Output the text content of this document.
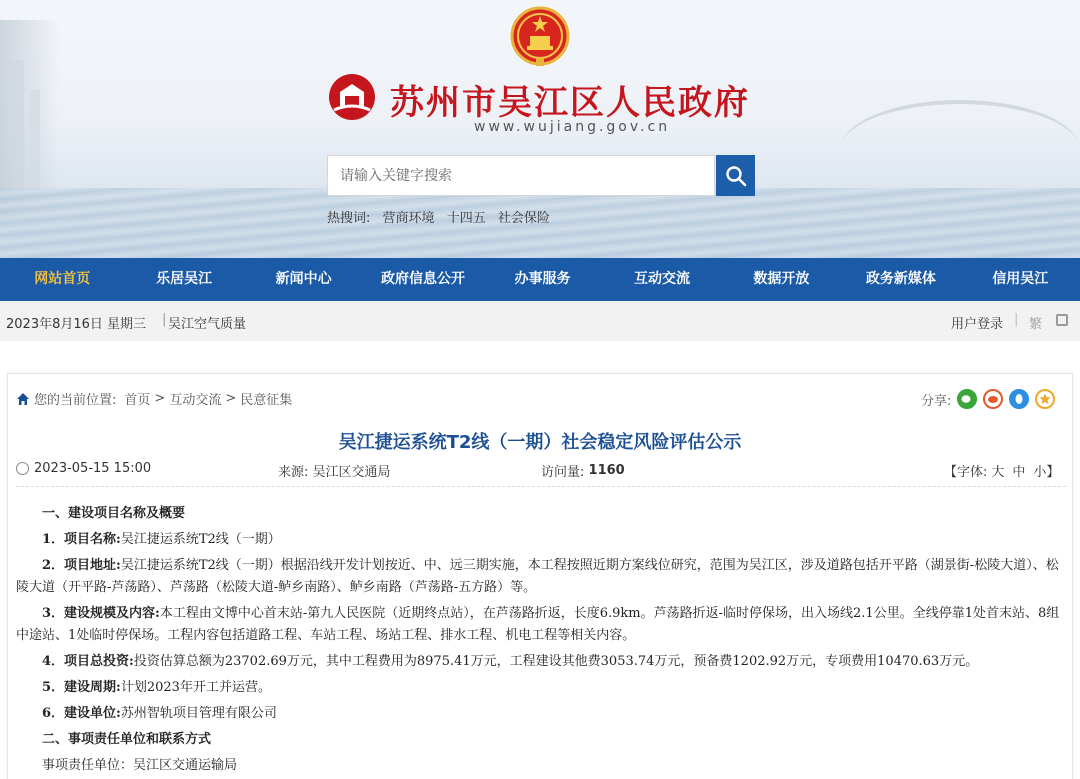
苏州市吴江区人民政府
www.wujiang.gov.cn
请输入关键字搜索
热搜词: 营商环境 十四五 社会保险
网站首页	乐居吴江	新闻中心	政府信息公开	办事服务	互动交流	数据开放	政务新媒体	信用吴江
2023年8月16日 星期三 | 吴江空气质量	用户登录 | 繁
您的当前位置: 首页 > 互动交流 > 民意征集	分享:
吴江捷运系统T2线（一期）社会稳定风险评估公示
2023-05-15 15:00	来源:
吴江区交通局	访问量:
1160	【字体: 大 中 小】

一、建设项目名称及概要

1．项目名称:吴江捷运系统T2线（一期）

2．项目地址:吴江捷运系统T2线（一期）根据沿线开发计划按近、中、远三期实施，本工程按照近期方案线位研究，范围为吴江区，涉及道路包括开平路（湖景街-松陵大道）、松陵大道（开平路-芦荡路）、芦荡路（松陵大道-鲈乡南路）、鲈乡南路（芦荡路-五方路）等。

3．建设规模及内容:本工程由文博中心首末站-第九人民医院（近期终点站），在芦荡路折返，长度6.9km。芦荡路折返-临时停保场，出入场线2.1公里。全线停靠1处首末站、8组中途站、1处临时停保场。工程内容包括道路工程、车站工程、场站工程、排水工程、机电工程等相关内容。

4．项目总投资:投资估算总额为23702.69万元，其中工程费用为8975.41万元，工程建设其他费3053.74万元，预备费1202.92万元，专项费用10470.63万元。

5．建设周期:计划2023年开工并运营。

6．建设单位:苏州智轨项目管理有限公司

二、事项责任单位和联系方式

事项责任单位：吴江区交通运输局
